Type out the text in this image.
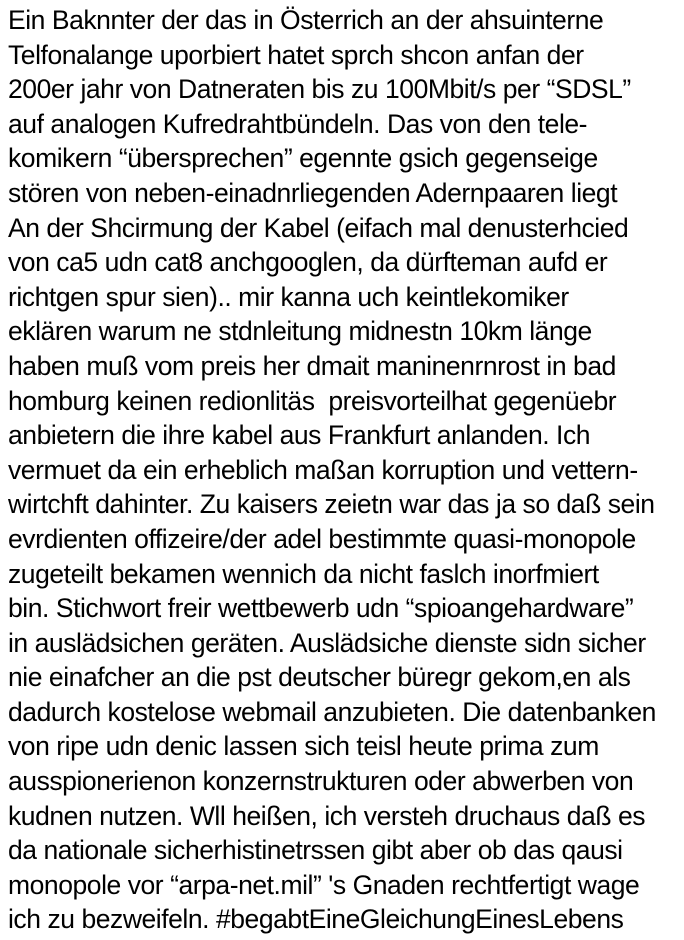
Ein Baknnter der das in Österrich an der ahsuinterne
Telfonalange uporbiert hatet sprch shcon anfan der
200er jahr von Datneraten bis zu 100Mbit/s per “SDSL”
auf analogen Kufredrahtbündeln. Das von den tele-
komikern “übersprechen” egennte gsich gegenseige
stören von neben-einadnrliegenden Adernpaaren liegt
An der Shcirmung der Kabel (eifach mal denusterhcied
von ca5 udn cat8 anchgooglen, da dürfteman aufd er
richtgen spur sien).. mir kanna uch keintlekomiker
eklären warum ne stdnleitung midnestn 10km länge
haben muß vom preis her dmait maninenrnrost in bad
homburg keinen redionlitäs  preisvorteilhat gegenüebr
anbietern die ihre kabel aus Frankfurt anlanden. Ich
vermuet da ein erheblich maßan korruption und vettern-
wirtchft dahinter. Zu kaisers zeietn war das ja so daß sein
evrdienten offizeire/der adel bestimmte quasi-monopole
zugeteilt bekamen wennich da nicht faslch inorfmiert
bin. Stichwort freir wettbewerb udn “spioangehardware”
in auslädsichen geräten. Auslädsiche dienste sidn sicher
nie einafcher an die pst deutscher büregr gekom,en als
dadurch kostelose webmail anzubieten. Die datenbanken
von ripe udn denic lassen sich teisl heute prima zum
ausspionerienon konzernstrukturen oder abwerben von
kudnen nutzen. Wll heißen, ich versteh druchaus daß es
da nationale sicherhistinetrssen gibt aber ob das qausi
monopole vor “arpa-net.mil” 's Gnaden rechtfertigt wage
ich zu bezweifeln. #begabtEineGleichungEinesLebens
